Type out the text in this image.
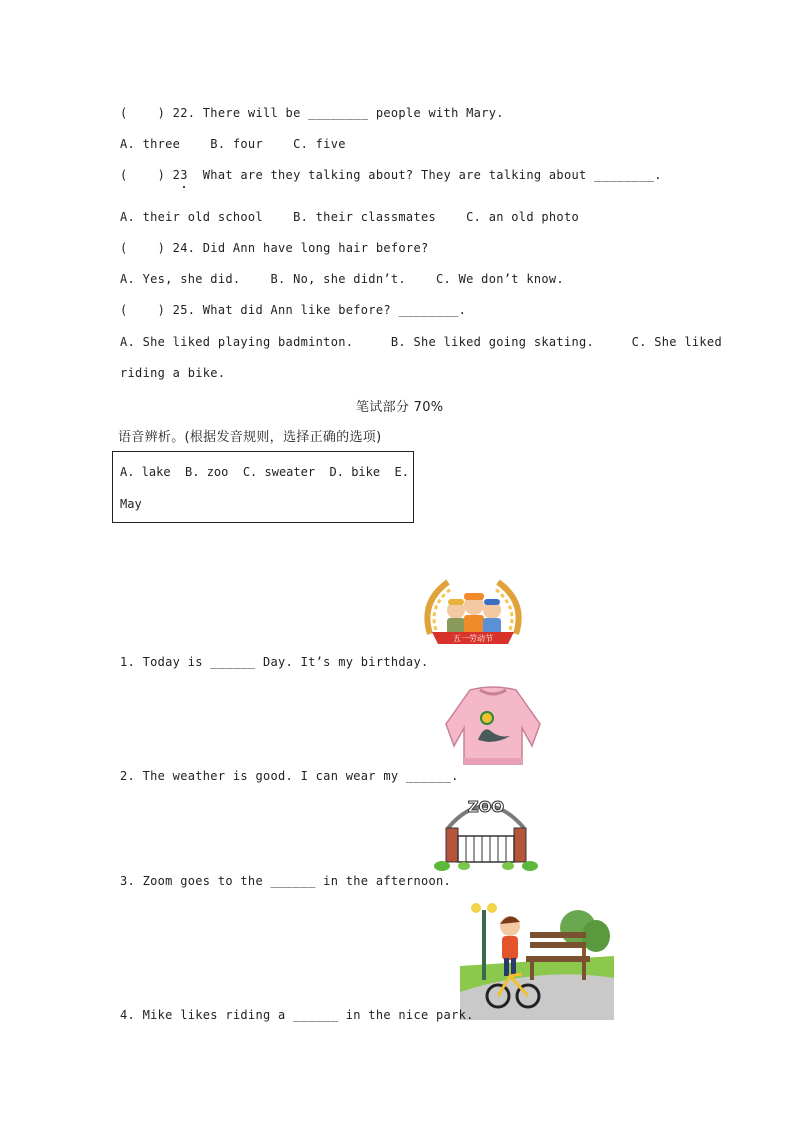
(    ) 22. There will be ________ people with Mary.
A. three    B. four    C. five
(    ) 23  What are they talking about? They are talking about ________.
A. their old school    B. their classmates    C. an old photo
(    ) 24. Did Ann have long hair before?
A. Yes, she did.    B. No, she didn’t.    C. We don’t know.
(    ) 25. What did Ann like before? ________.
A. She liked playing badminton.     B. She liked going skating.     C. She liked
riding a bike.
笔试部分 70%
语音辨析。(根据发音规则，选择正确的选项)
A. lake  B. zoo  C. sweater  D. bike  E.
May
五一劳动节
1. Today is ______ Day. It’s my birthday.
2. The weather is good. I can wear my ______.
ZOO
3. Zoom goes to the ______ in the afternoon.
4. Mike likes riding a ______ in the nice park.
